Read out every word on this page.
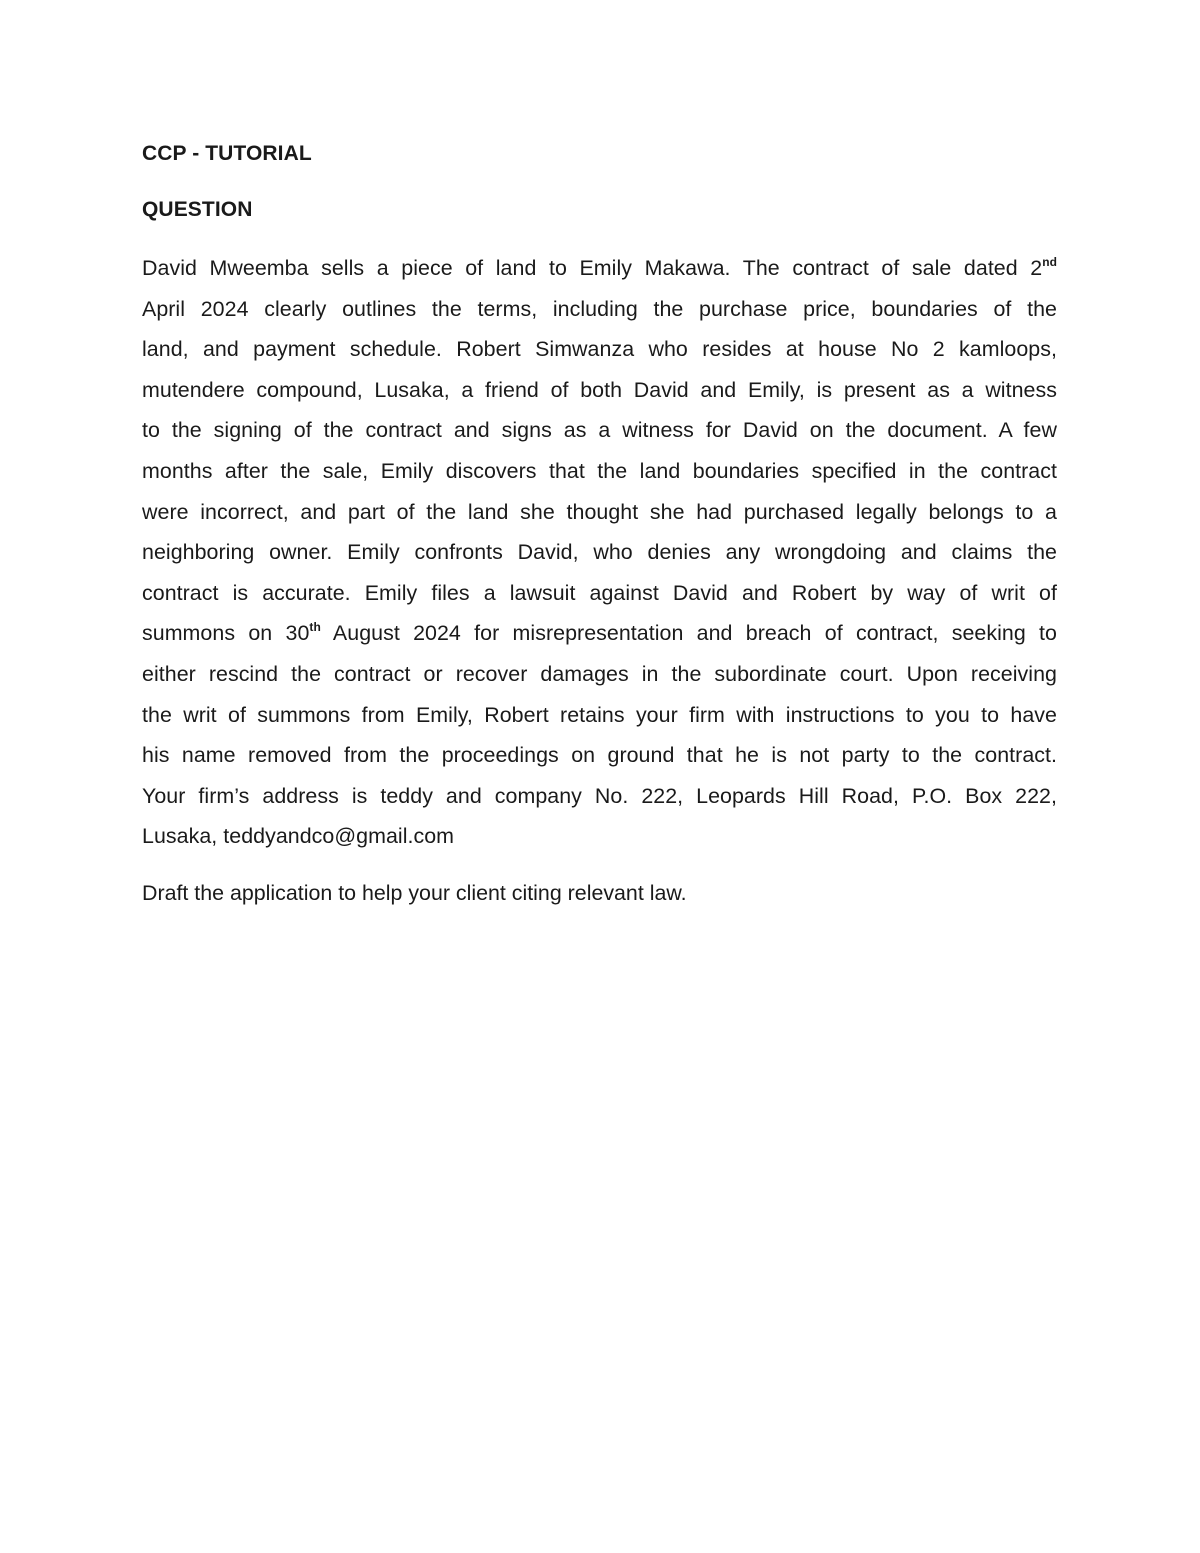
CCP - TUTORIAL

QUESTION

David Mweemba sells a piece of land to Emily Makawa. The contract of sale dated 2nd
April 2024 clearly outlines the terms, including the purchase price, boundaries of the
land, and payment schedule. Robert Simwanza who resides at house No 2 kamloops,
mutendere compound, Lusaka, a friend of both David and Emily, is present as a witness
to the signing of the contract and signs as a witness for David on the document. A few
months after the sale, Emily discovers that the land boundaries specified in the contract
were incorrect, and part of the land she thought she had purchased legally belongs to a
neighboring owner. Emily confronts David, who denies any wrongdoing and claims the
contract is accurate. Emily files a lawsuit against David and Robert by way of writ of
summons on 30th August 2024 for misrepresentation and breach of contract, seeking to
either rescind the contract or recover damages in the subordinate court. Upon receiving
the writ of summons from Emily, Robert retains your firm with instructions to you to have
his name removed from the proceedings on ground that he is not party to the contract.
Your firm’s address is teddy and company No. 222, Leopards Hill Road, P.O. Box 222,
Lusaka, teddyandco@gmail.com

Draft the application to help your client citing relevant law.
